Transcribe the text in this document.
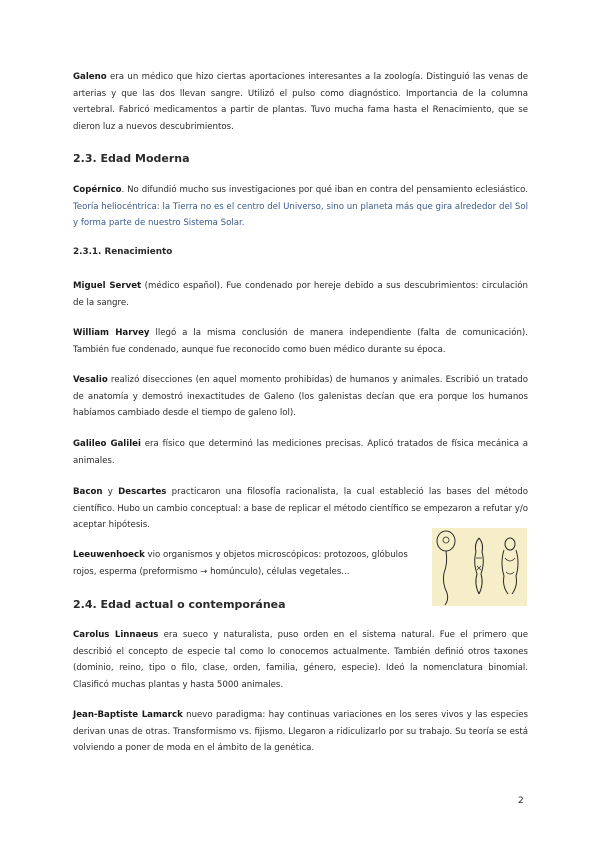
Galeno era un médico que hizo ciertas aportaciones interesantes a la zoología. Distinguió las venas de arterias y que las dos llevan sangre. Utilizó el pulso como diagnóstico. Importancia de la columna vertebral. Fabricó medicamentos a partir de plantas. Tuvo mucha fama hasta el Renacimiento, que se dieron luz a nuevos descubrimientos.

2.3. Edad Moderna

Copérnico. No difundió mucho sus investigaciones por qué iban en contra del pensamiento eclesiástico. Teoría heliocéntrica: la Tierra no es el centro del Universo, sino un planeta más que gira alrededor del Sol y forma parte de nuestro Sistema Solar.

2.3.1. Renacimiento

Miguel Servet (médico español). Fue condenado por hereje debido a sus descubrimientos: circulación de la sangre.

William Harvey llegó a la misma conclusión de manera independiente (falta de comunicación). También fue condenado, aunque fue reconocido como buen médico durante su época.

Vesalio realizó disecciones (en aquel momento prohibidas) de humanos y animales. Escribió un tratado de anatomía y demostró inexactitudes de Galeno (los galenistas decían que era porque los humanos habíamos cambiado desde el tiempo de galeno lol).

Galileo Galilei era físico que determinó las mediciones precisas. Aplicó tratados de física mecánica a animales.

Bacon y Descartes practicaron una filosofía racionalista, la cual estableció las bases del método científico. Hubo un cambio conceptual: a base de replicar el método científico se empezaron a refutar y/o aceptar hipótesis.

Leeuwenhoeck vio organismos y objetos microscópicos: protozoos, glóbulos rojos, esperma (preformismo → homúnculo), células vegetales...

2.4. Edad actual o contemporánea

Carolus Linnaeus era sueco y naturalista, puso orden en el sistema natural. Fue el primero que describió el concepto de especie tal como lo conocemos actualmente. También definió otros taxones (dominio, reino, tipo o filo, clase, orden, familia, género, especie). Ideó la nomenclatura binomial. Clasificó muchas plantas y hasta 5000 animales.

Jean-Baptiste Lamarck nuevo paradigma: hay continuas variaciones en los seres vivos y las especies derivan unas de otras. Transformismo vs. fijismo. Llegaron a ridiculizarlo por su trabajo. Su teoría se está volviendo a poner de moda en el ámbito de la genética.

2
